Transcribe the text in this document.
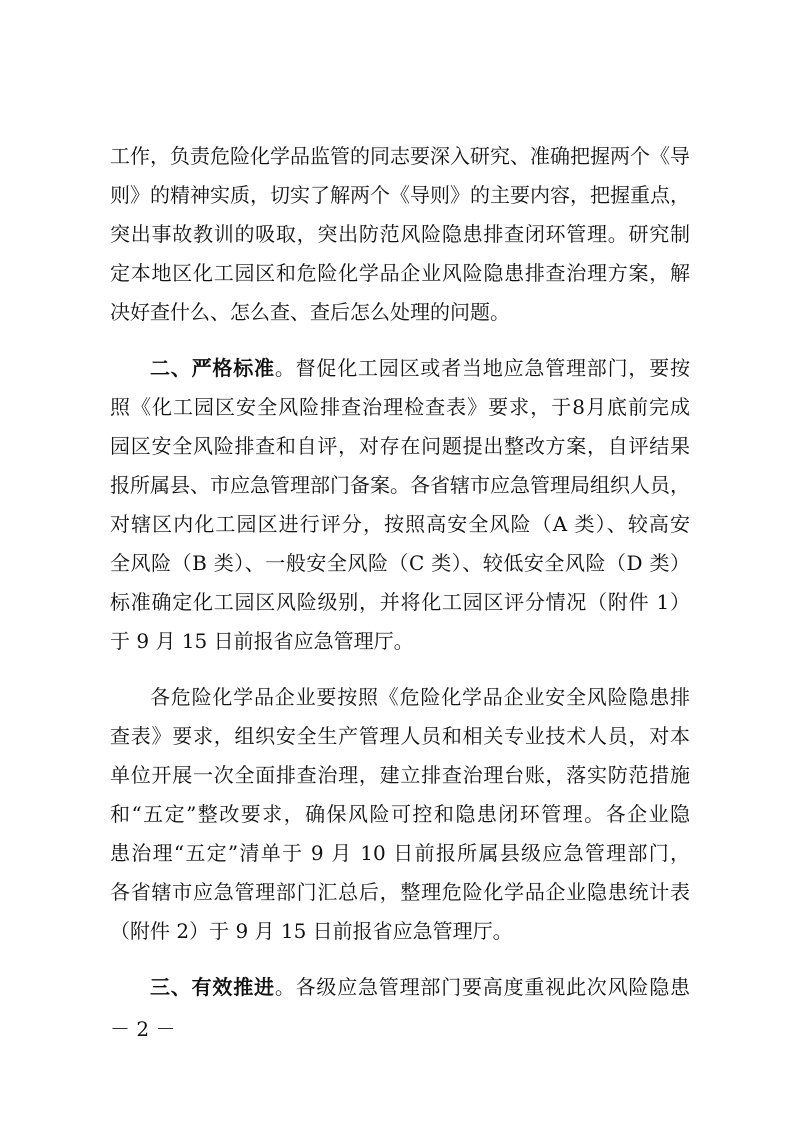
工作，负责危险化学品监管的同志要深入研究、准确把握两个《导
则》的精神实质，切实了解两个《导则》的主要内容，把握重点，
突出事故教训的吸取，突出防范风险隐患排查闭环管理。研究制
定本地区化工园区和危险化学品企业风险隐患排查治理方案，解
决好查什么、怎么查、查后怎么处理的问题。
二、严格标准。督促化工园区或者当地应急管理部门，要按
照《化工园区安全风险排查治理检查表》要求，于8月底前完成
园区安全风险排查和自评，对存在问题提出整改方案，自评结果
报所属县、市应急管理部门备案。各省辖市应急管理局组织人员，
对辖区内化工园区进行评分，按照高安全风险（A 类）、较高安
全风险（B 类）、一般安全风险（C 类）、较低安全风险（D 类）
标准确定化工园区风险级别，并将化工园区评分情况（附件 1）
于 9 月 15 日前报省应急管理厅。
各危险化学品企业要按照《危险化学品企业安全风险隐患排
查表》要求，组织安全生产管理人员和相关专业技术人员，对本
单位开展一次全面排查治理，建立排查治理台账，落实防范措施
和“五定”整改要求，确保风险可控和隐患闭环管理。各企业隐
患治理“五定”清单于 9 月 10 日前报所属县级应急管理部门，
各省辖市应急管理部门汇总后，整理危险化学品企业隐患统计表
（附件 2）于 9 月 15 日前报省应急管理厅。
三、有效推进。各级应急管理部门要高度重视此次风险隐患
－ 2 －
